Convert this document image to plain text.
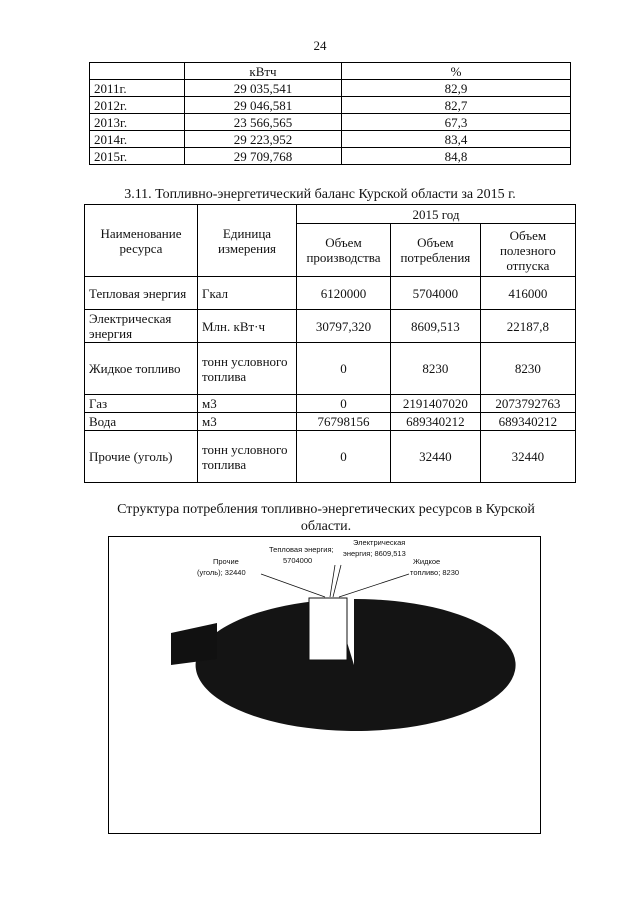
24
	кВтч	%
2011г.	29 035,541	82,9
2012г.	29 046,581	82,7
2013г.	23 566,565	67,3
2014г.	29 223,952	83,4
2015г.	29 709,768	84,8
3.11. Топливно-энергетический баланс Курской области за 2015 г.
Наименование ресурса	Единица измерения	2015 год		
		Объем производства	Объем потребления	Объем полезного отпуска
Тепловая энергия	Гкал	6120000	5704000	416000
Электрическая энергия	Млн. кВт·ч	30797,320	8609,513	22187,8
Жидкое топливо	тонн условного топлива	0	8230	8230
Газ	м3	0	2191407020	2073792763
Вода	м3	76798156	689340212	689340212
Прочие (уголь)	тонн условного топлива	0	32440	32440
Структура потребления топливно-энергетических ресурсов в Курской области.
Тепловая энергия;
5704000
Электрическая
энергия; 8609,513
Жидкое
топливо; 8230
Прочие
(уголь); 32440
